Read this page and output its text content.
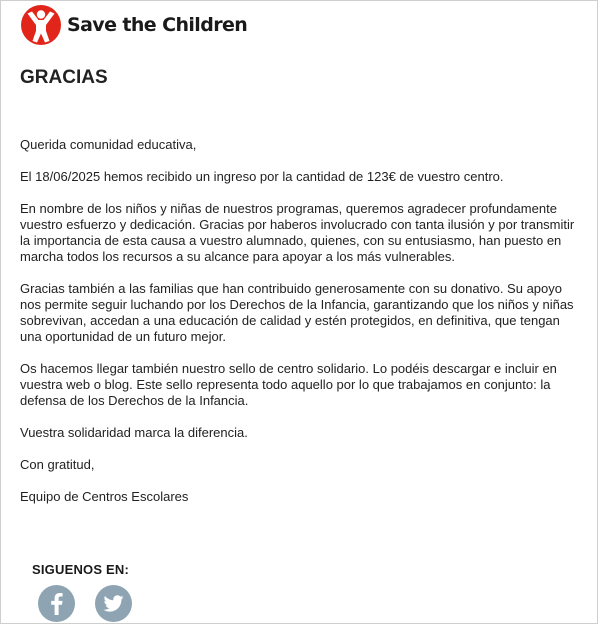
Save the Children
GRACIAS

Querida comunidad educativa,

El 18/06/2025 hemos recibido un ingreso por la cantidad de 123€ de vuestro centro.

En nombre de los niños y niñas de nuestros programas, queremos agradecer profundamente vuestro esfuerzo y dedicación. Gracias por haberos involucrado con tanta ilusión y por transmitir la importancia de esta causa a vuestro alumnado, quienes, con su entusiasmo, han puesto en marcha todos los recursos a su alcance para apoyar a los más vulnerables.

Gracias también a las familias que han contribuido generosamente con su donativo. Su apoyo nos permite seguir luchando por los Derechos de la Infancia, garantizando que los niños y niñas sobrevivan, accedan a una educación de calidad y estén protegidos, en definitiva, que tengan una oportunidad de un futuro mejor.

Os hacemos llegar también nuestro sello de centro solidario. Lo podéis descargar e incluir en vuestra web o blog. Este sello representa todo aquello por lo que trabajamos en conjunto: la defensa de los Derechos de la Infancia.

Vuestra solidaridad marca la diferencia.

Con gratitud,

Equipo de Centros Escolares

SIGUENOS EN:
